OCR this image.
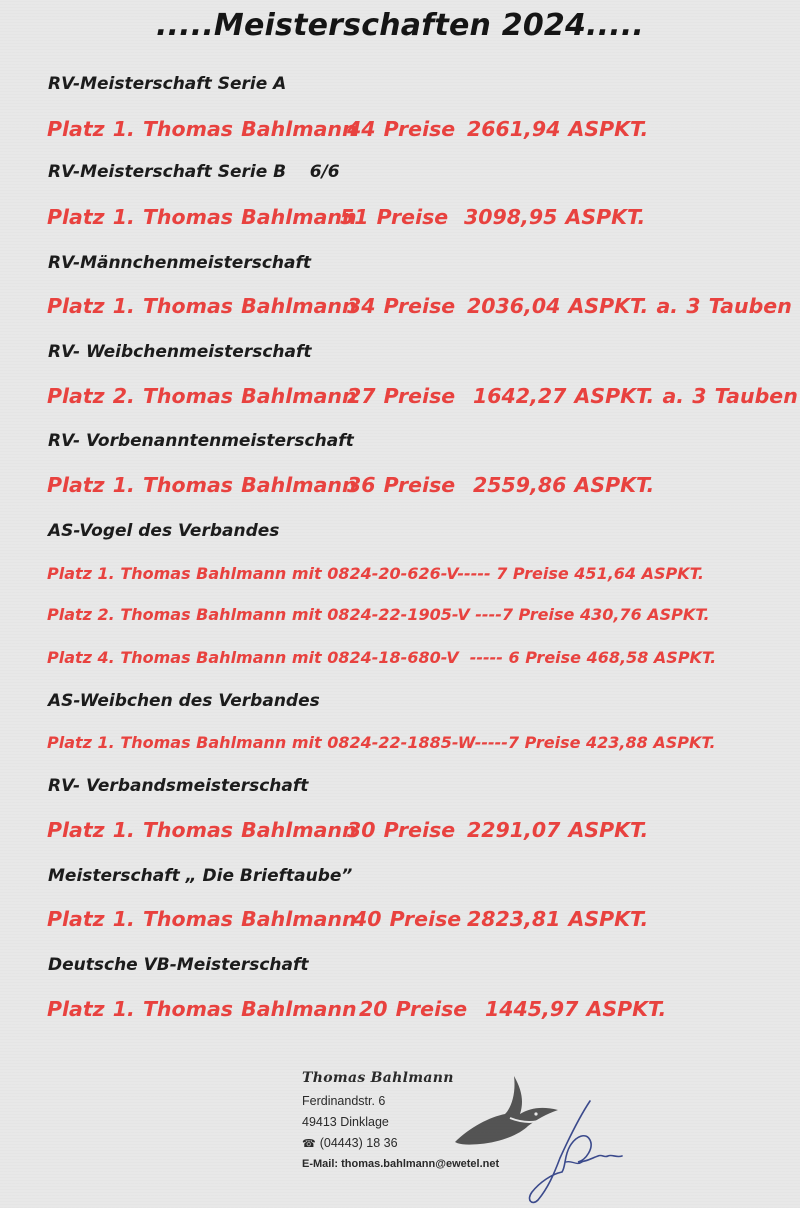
.....Meisterschaften 2024.....
RV-Meisterschaft Serie A
Platz 1. Thomas Bahlmann44 Preise 2661,94 ASPKT.
RV-Meisterschaft Serie B    6/6
Platz 1. Thomas Bahlmann51 Preise 3098,95 ASPKT.
RV-Männchenmeisterschaft
Platz 1. Thomas Bahlmann34 Preise 2036,04 ASPKT. a. 3 Tauben
RV- Weibchenmeisterschaft
Platz 2. Thomas Bahlmann27 Preise 1642,27 ASPKT. a. 3 Tauben
RV- Vorbenanntenmeisterschaft
Platz 1. Thomas Bahlmann36 Preise 2559,86 ASPKT.
AS-Vogel des Verbandes
Platz 1. Thomas Bahlmann mit 0824-20-626-V----- 7 Preise 451,64 ASPKT.
Platz 2. Thomas Bahlmann mit 0824-22-1905-V ----7 Preise 430,76 ASPKT.
Platz 4. Thomas Bahlmann mit 0824-18-680-V  ----- 6 Preise 468,58 ASPKT.
AS-Weibchen des Verbandes
Platz 1. Thomas Bahlmann mit 0824-22-1885-W-----7 Preise 423,88 ASPKT.
RV- Verbandsmeisterschaft
Platz 1. Thomas Bahlmann30 Preise 2291,07 ASPKT.
Meisterschaft „ Die Brieftaube”
Platz 1. Thomas Bahlmann40 Preise 2823,81 ASPKT.
Deutsche VB-Meisterschaft
Platz 1. Thomas Bahlmann 20 Preise 1445,97 ASPKT.
Thomas Bahlmann
Ferdinandstr. 6
49413 Dinklage
☎ (04443) 18 36
E-Mail: thomas.bahlmann@ewetel.net
